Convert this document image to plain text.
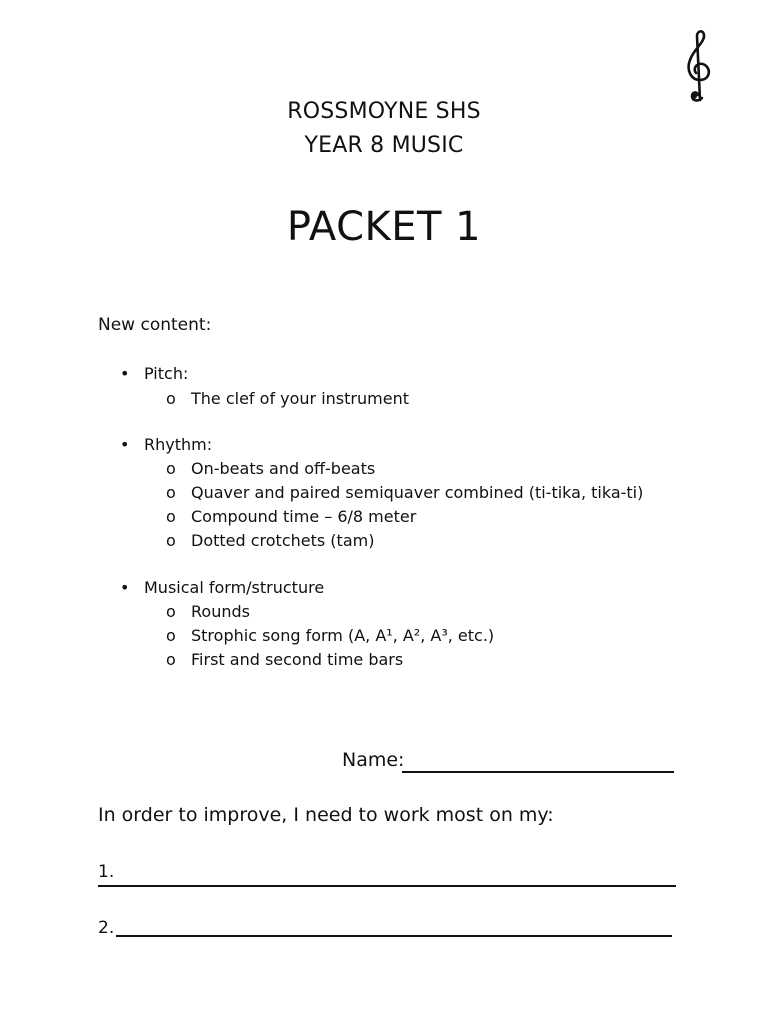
ROSSMOYNE SHS
YEAR 8 MUSIC
PACKET 1
New content:
• Pitch:
o The clef of your instrument
• Rhythm:
o On-beats and off-beats
o Quaver and paired semiquaver combined (ti-tika, tika-ti)
o Compound time – 6/8 meter
o Dotted crotchets (tam)
• Musical form/structure
o Rounds
o Strophic song form (A, A¹, A², A³, etc.)
o First and second time bars
Name:
In order to improve, I need to work most on my:
1.
2.
